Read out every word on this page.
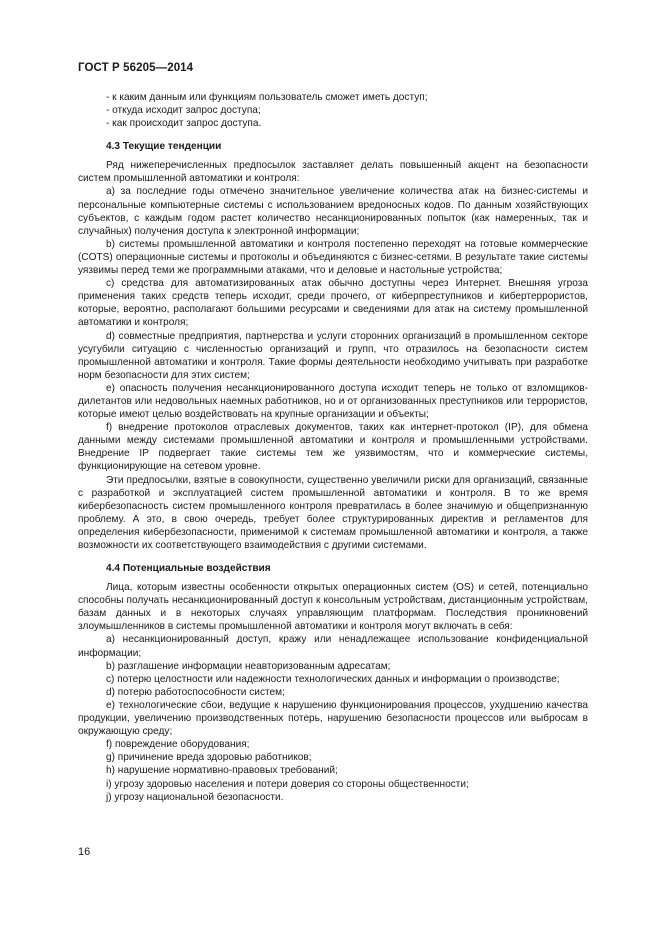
ГОСТ Р 56205—2014

- к каким данным или функциям пользователь сможет иметь доступ;

- откуда исходит запрос доступа;

- как происходит запрос доступа.

4.3 Текущие тенденции

Ряд нижеперечисленных предпосылок заставляет делать повышенный акцент на безопасности систем промышленной автоматики и контроля:

а) за последние годы отмечено значительное увеличение количества атак на бизнес-системы и персональные компьютерные системы с использованием вредоносных кодов. По данным хозяйствующих субъектов, с каждым годом растет количество несанкционированных попыток (как намеренных, так и случайных) получения доступа к электронной информации;

b) системы промышленной автоматики и контроля постепенно переходят на готовые коммерческие (COTS) операционные системы и протоколы и объединяются с бизнес-сетями. В результате такие системы уязвимы перед теми же программными атаками, что и деловые и настольные устройства;

c) средства для автоматизированных атак обычно доступны через Интернет. Внешняя угроза применения таких средств теперь исходит, среди прочего, от киберпреступников и кибертеррористов, которые, вероятно, располагают большими ресурсами и сведениями для атак на систему промышленной автоматики и контроля;

d) совместные предприятия, партнерства и услуги сторонних организаций в промышленном секторе усугубили ситуацию с численностью организаций и групп, что отразилось на безопасности систем промышленной автоматики и контроля. Такие формы деятельности необходимо учитывать при разработке норм безопасности для этих систем;

e) опасность получения несанкционированного доступа исходит теперь не только от взломщиков-дилетантов или недовольных наемных работников, но и от организованных преступников или террористов, которые имеют целью воздействовать на крупные организации и объекты;

f) внедрение протоколов отраслевых документов, таких как интернет-протокол (IP), для обмена данными между системами промышленной автоматики и контроля и промышленными устройствами. Внедрение IP подвергает такие системы тем же уязвимостям, что и коммерческие системы, функционирующие на сетевом уровне.

Эти предпосылки, взятые в совокупности, существенно увеличили риски для организаций, связанные с разработкой и эксплуатацией систем промышленной автоматики и контроля. В то же время кибербезопасность систем промышленного контроля превратилась в более значимую и общепризнанную проблему. А это, в свою очередь, требует более структурированных директив и регламентов для определения кибербезопасности, применимой к системам промышленной автоматики и контроля, а также возможности их соответствующего взаимодействия с другими системами.

4.4 Потенциальные воздействия

Лица, которым известны особенности открытых операционных систем (OS) и сетей, потенциально способны получать несанкционированный доступ к консольным устройствам, дистанционным устройствам, базам данных и в некоторых случаях управляющим платформам. Последствия проникновений злоумышленников в системы промышленной автоматики и контроля могут включать в себя:

a) несанкционированный доступ, кражу или ненадлежащее использование конфиденциальной информации;

b) разглашение информации неавторизованным адресатам;

c) потерю целостности или надежности технологических данных и информации о производстве;

d) потерю работоспособности систем;

e) технологические сбои, ведущие к нарушению функционирования процессов, ухудшению качества продукции, увеличению производственных потерь, нарушению безопасности процессов или выбросам в окружающую среду;

f) повреждение оборудования;

g) причинение вреда здоровью работников;

h) нарушение нормативно-правовых требований;

i) угрозу здоровью населения и потери доверия со стороны общественности;

j) угрозу национальной безопасности.

16
